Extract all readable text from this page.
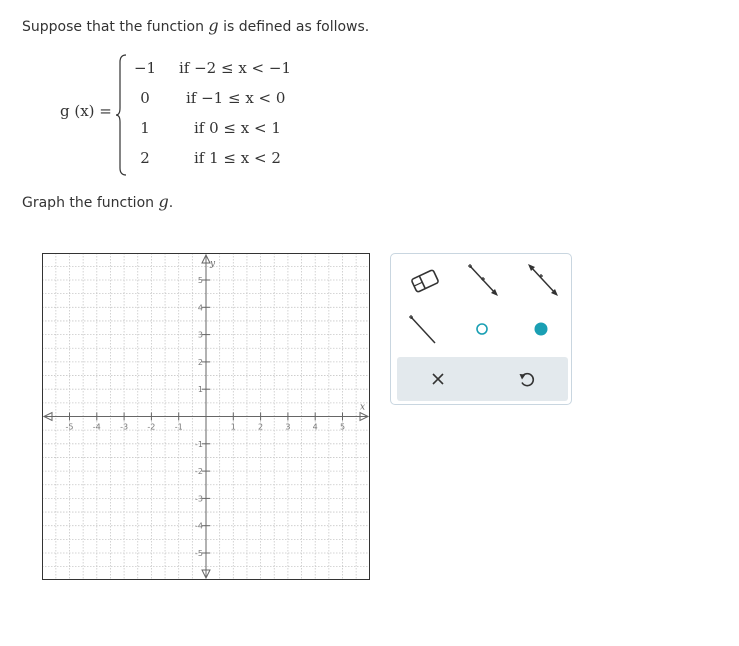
Suppose that the function g is defined as follows.
g (x) =
−1 if −2 ≤ x < −1
0	if −1 ≤ x < 0
1	if 0 ≤ x < 1
2	if 1 ≤ x < 2
Graph the function g.
x
y
-5 -4 -3 -2 -1	1	2	3	4	5
5
4
3
2
1
-1
-2
-3
-4
-5
